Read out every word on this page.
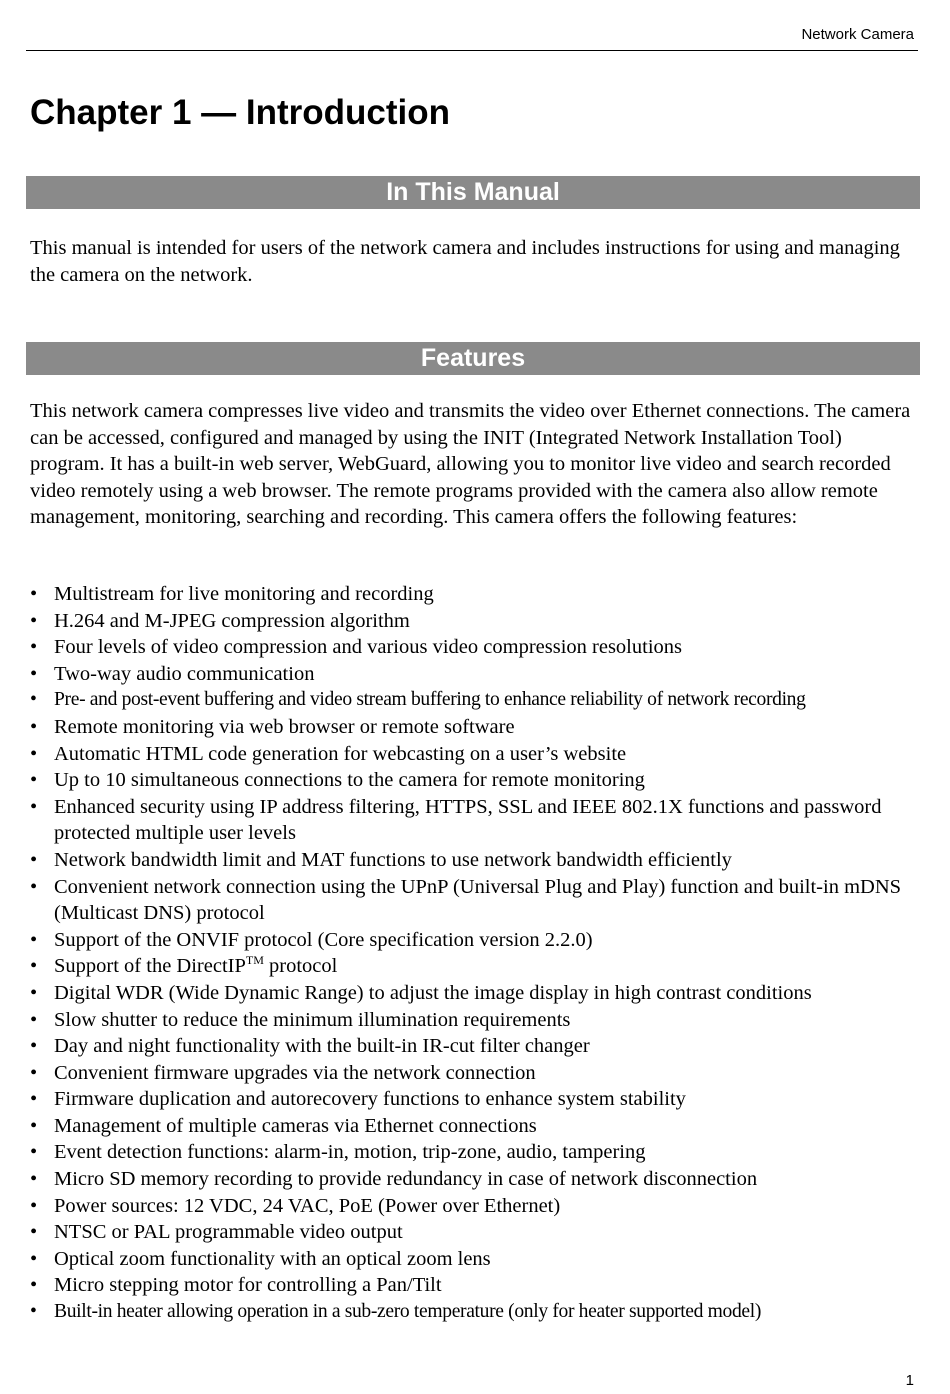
Network Camera
Chapter 1 — Introduction
In This Manual

This manual is intended for users of the network camera and includes instructions for using and managing the camera on the network.

Features

This network camera compresses live video and transmits the video over Ethernet connections. The camera can be accessed, configured and managed by using the INIT (Integrated Network Installation Tool) program. It has a built-in web server, WebGuard, allowing you to monitor live video and search recorded video remotely using a web browser. The remote programs provided with the camera also allow remote management, monitoring, searching and recording. This camera offers the following features:

• Multistream for live monitoring and recording
• H.264 and M-JPEG compression algorithm
• Four levels of video compression and various video compression resolutions
• Two-way audio communication
• Pre- and post-event buffering and video stream buffering to enhance reliability of network recording
• Remote monitoring via web browser or remote software
• Automatic HTML code generation for webcasting on a user’s website
• Up to 10 simultaneous connections to the camera for remote monitoring
• Enhanced security using IP address filtering, HTTPS, SSL and IEEE 802.1X functions and password protected multiple user levels
• Network bandwidth limit and MAT functions to use network bandwidth efficiently
• Convenient network connection using the UPnP (Universal Plug and Play) function and built-in mDNS (Multicast DNS) protocol
• Support of the ONVIF protocol (Core specification version 2.2.0)
• Support of the DirectIP™ protocol
• Digital WDR (Wide Dynamic Range) to adjust the image display in high contrast conditions
• Slow shutter to reduce the minimum illumination requirements
• Day and night functionality with the built-in IR-cut filter changer
• Convenient firmware upgrades via the network connection
• Firmware duplication and autorecovery functions to enhance system stability
• Management of multiple cameras via Ethernet connections
• Event detection functions: alarm-in, motion, trip-zone, audio, tampering
• Micro SD memory recording to provide redundancy in case of network disconnection
• Power sources: 12 VDC, 24 VAC, PoE (Power over Ethernet)
• NTSC or PAL programmable video output
• Optical zoom functionality with an optical zoom lens
• Micro stepping motor for controlling a Pan/Tilt
• Built-in heater allowing operation in a sub-zero temperature (only for heater supported model)
1
